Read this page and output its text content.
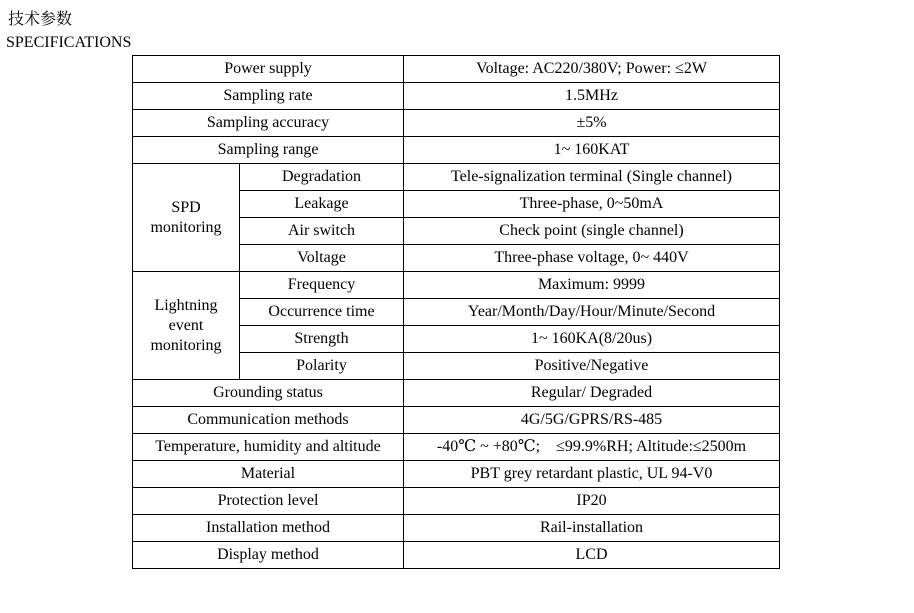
技术参数
SPECIFICATIONS
Power supply		Voltage: AC220/380V; Power: ≤2W
Sampling rate		1.5MHz
Sampling accuracy		±5%
Sampling range		1~ 160KAT
SPD
monitoring	Degradation	Tele-signalization terminal (Single channel)
	Leakage	Three-phase, 0~50mA
	Air switch	Check point (single channel)
	Voltage	Three-phase voltage, 0~ 440V
Lightning
event
monitoring	Frequency	Maximum: 9999
	Occurrence time	Year/Month/Day/Hour/Minute/Second
	Strength	1~ 160KA(8/20us)
	Polarity	Positive/Negative
Grounding status		Regular/ Degraded
Communication methods		4G/5G/GPRS/RS-485
Temperature, humidity and altitude		-40℃ ~ +80℃;    ≤99.9%RH; Altitude:≤2500m
Material		PBT grey retardant plastic, UL 94-V0
Protection level		IP20
Installation method		Rail-installation
Display method		LCD
